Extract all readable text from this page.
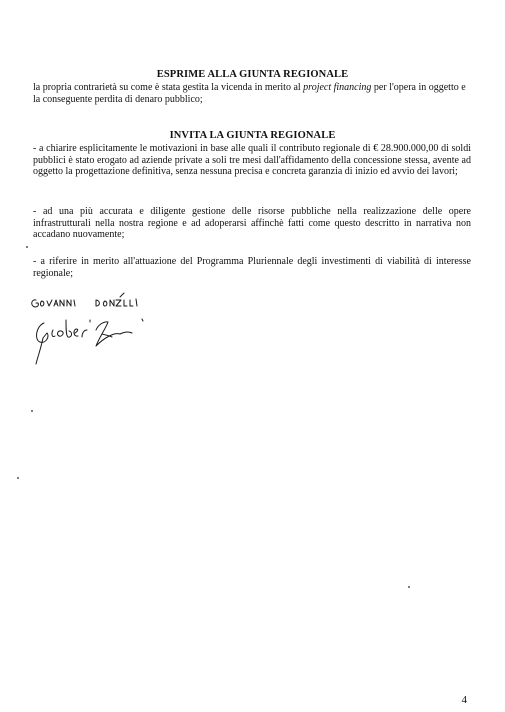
ESPRIME ALLA GIUNTA REGIONALE
la propria contrarietà su come è stata gestita la vicenda in merito al project financing per l'opera in oggetto e la conseguente perdita di denaro pubblico;
INVITA LA GIUNTA REGIONALE
- a chiarire esplicitamente le motivazioni in base alle quali il contributo regionale di € 28.900.000,00 di soldi pubblici è stato erogato ad aziende private a soli tre mesi dall'affidamento della concessione stessa, avente ad oggetto la progettazione definitiva, senza nessuna precisa e concreta garanzia di inizio ed avvio dei lavori;
- ad una più accurata e diligente gestione delle risorse pubbliche nella realizzazione delle opere infrastrutturali nella nostra regione e ad adoperarsi affinchè fatti come questo descritto in narrativa non accadano nuovamente;
- a riferire in merito all'attuazione del Programma Pluriennale degli investimenti di viabilità di interesse regionale;
4
